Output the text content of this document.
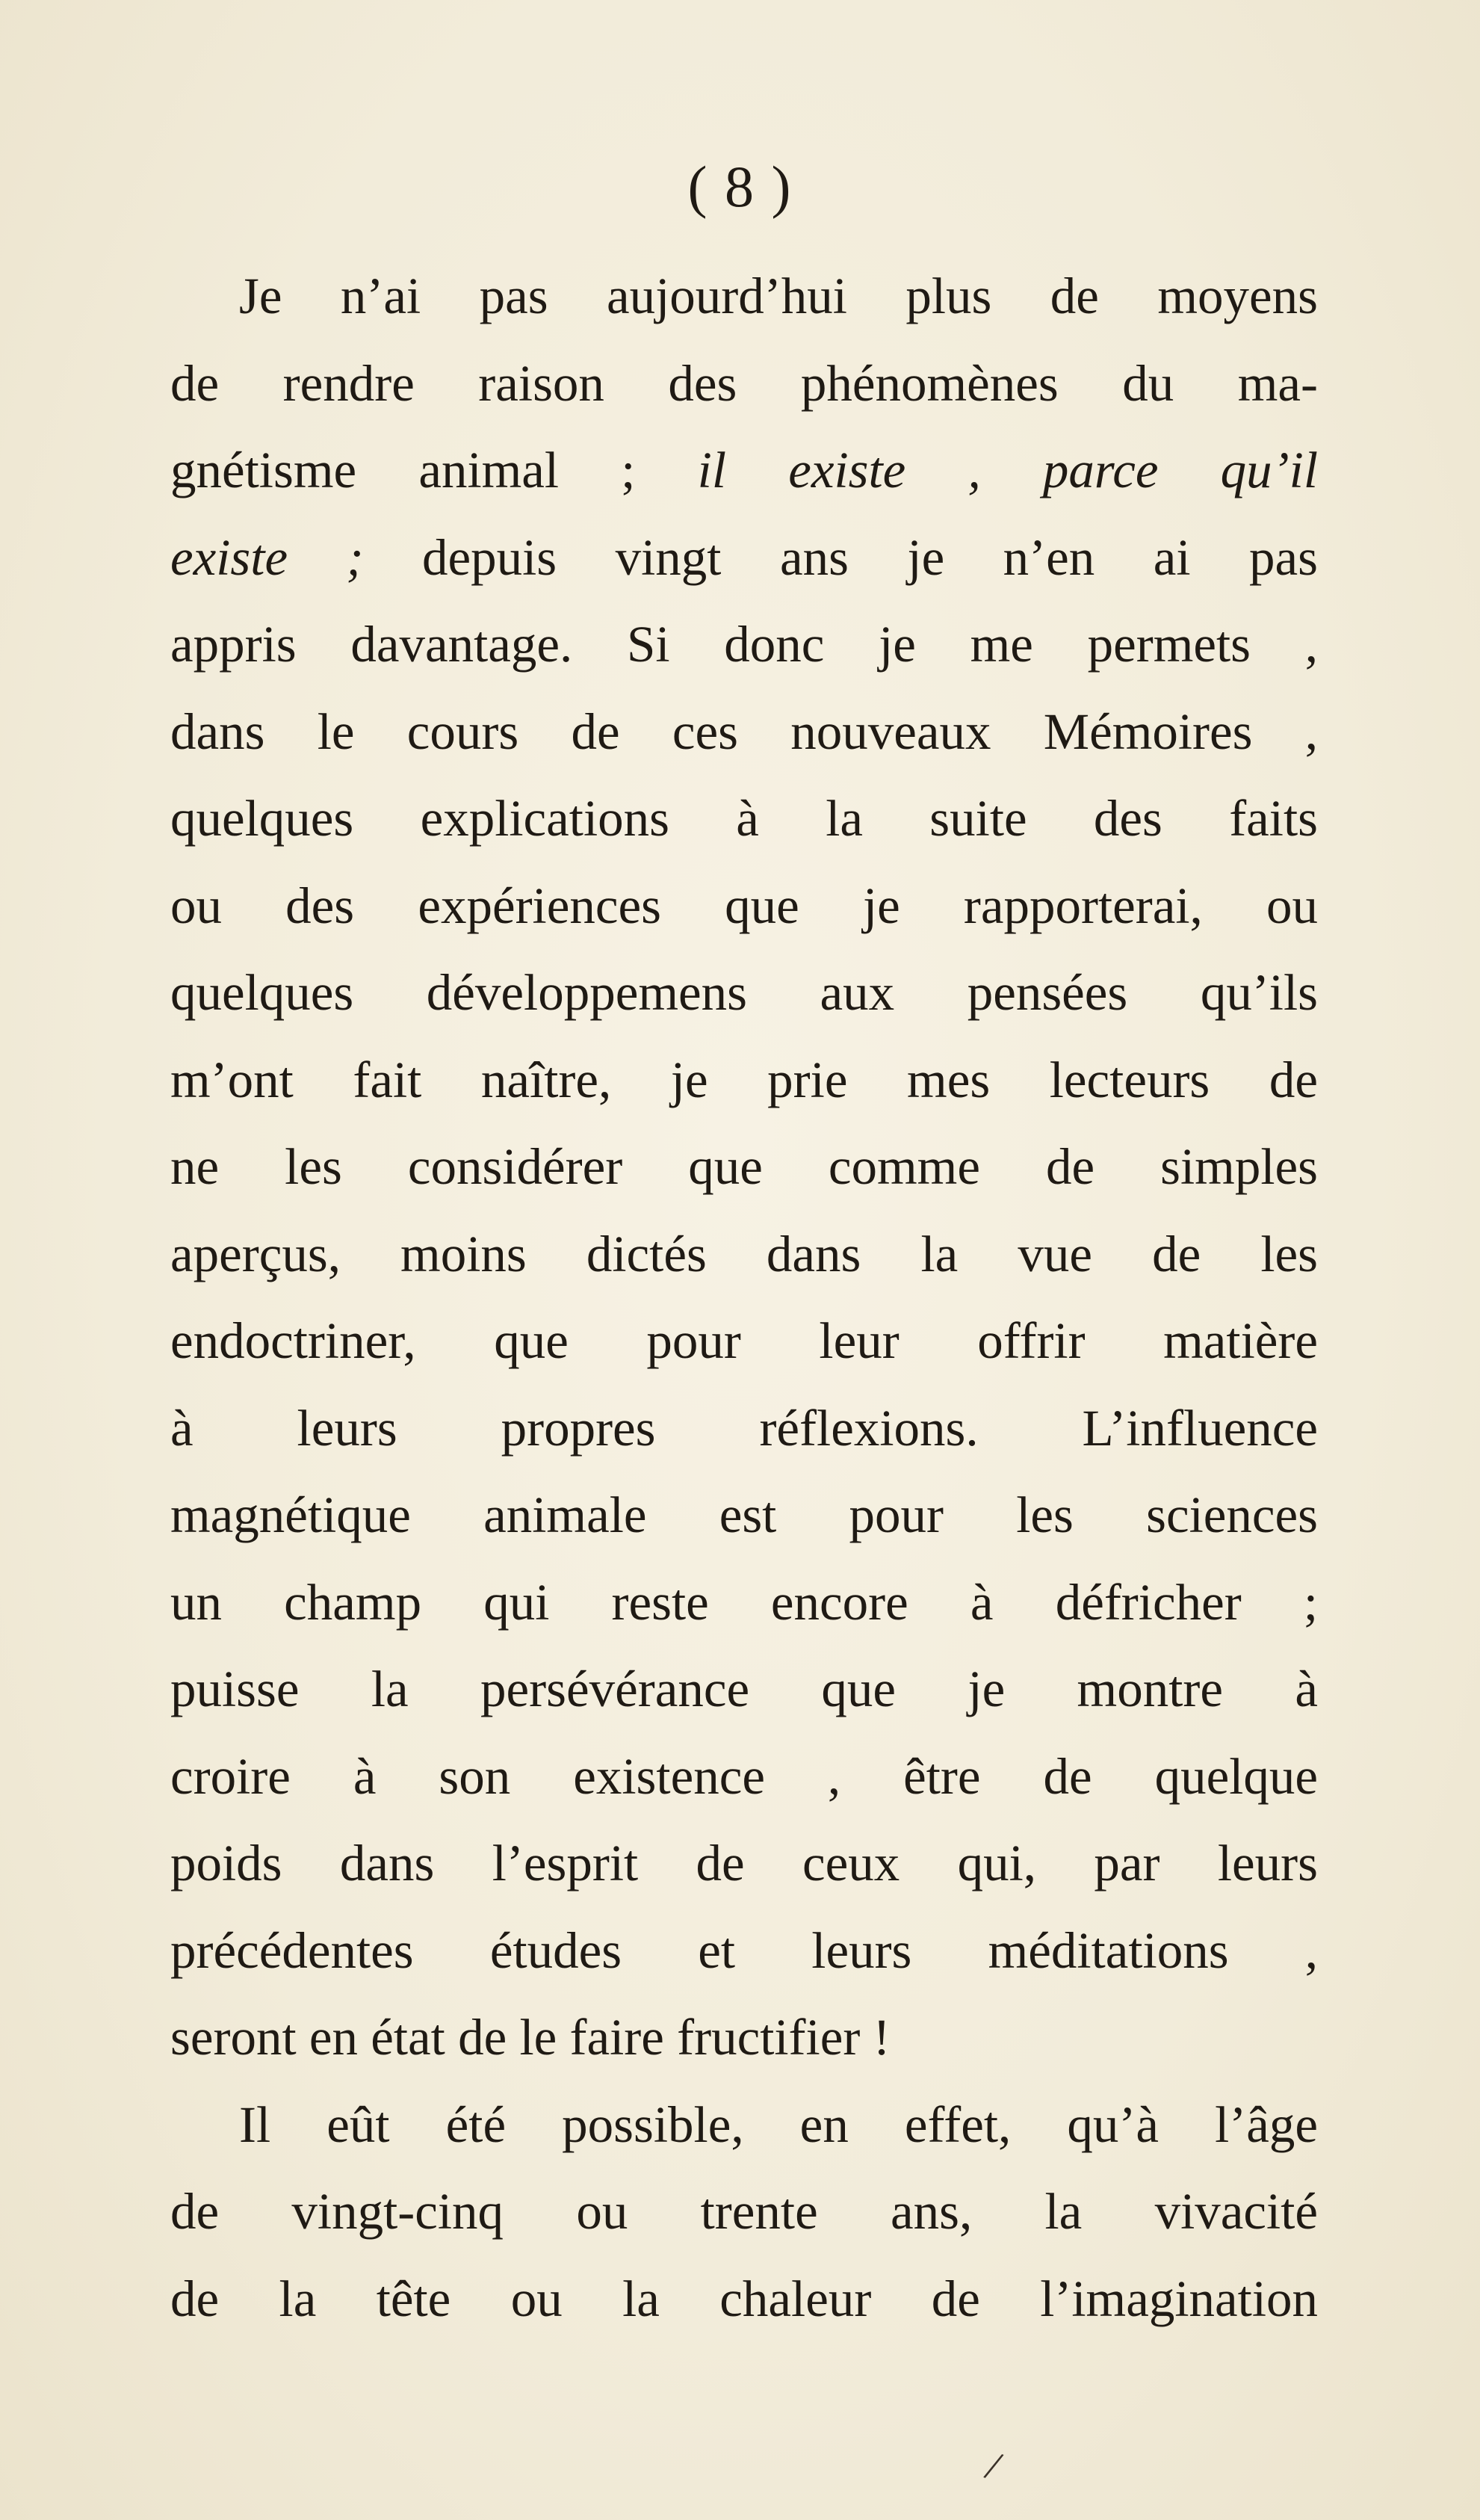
( 8 )
Je n’ai pas aujourd’hui plus de moyens
de rendre raison des phénomènes du ma-
gnétisme animal ; il existe , parce qu’il
existe ; depuis vingt ans je n’en ai pas
appris davantage. Si donc je me permets ,
dans le cours de ces nouveaux Mémoires ,
quelques explications à la suite des faits
ou des expériences que je rapporterai, ou
quelques développemens aux pensées qu’ils
m’ont fait naître, je prie mes lecteurs de
ne les considérer que comme de simples
aperçus, moins dictés dans la vue de les
endoctriner, que pour leur offrir matière
à leurs propres réflexions. L’influence
magnétique animale est pour les sciences
un champ qui reste encore à défricher ;
puisse la persévérance que je montre à
croire à son existence , être de quelque
poids dans l’esprit de ceux qui, par leurs
précédentes études et leurs méditations ,
seront en état de le faire fructifier !
Il eût été possible, en effet, qu’à l’âge
de vingt-cinq ou trente ans, la vivacité
de la tête ou la chaleur de l’imagination
/
